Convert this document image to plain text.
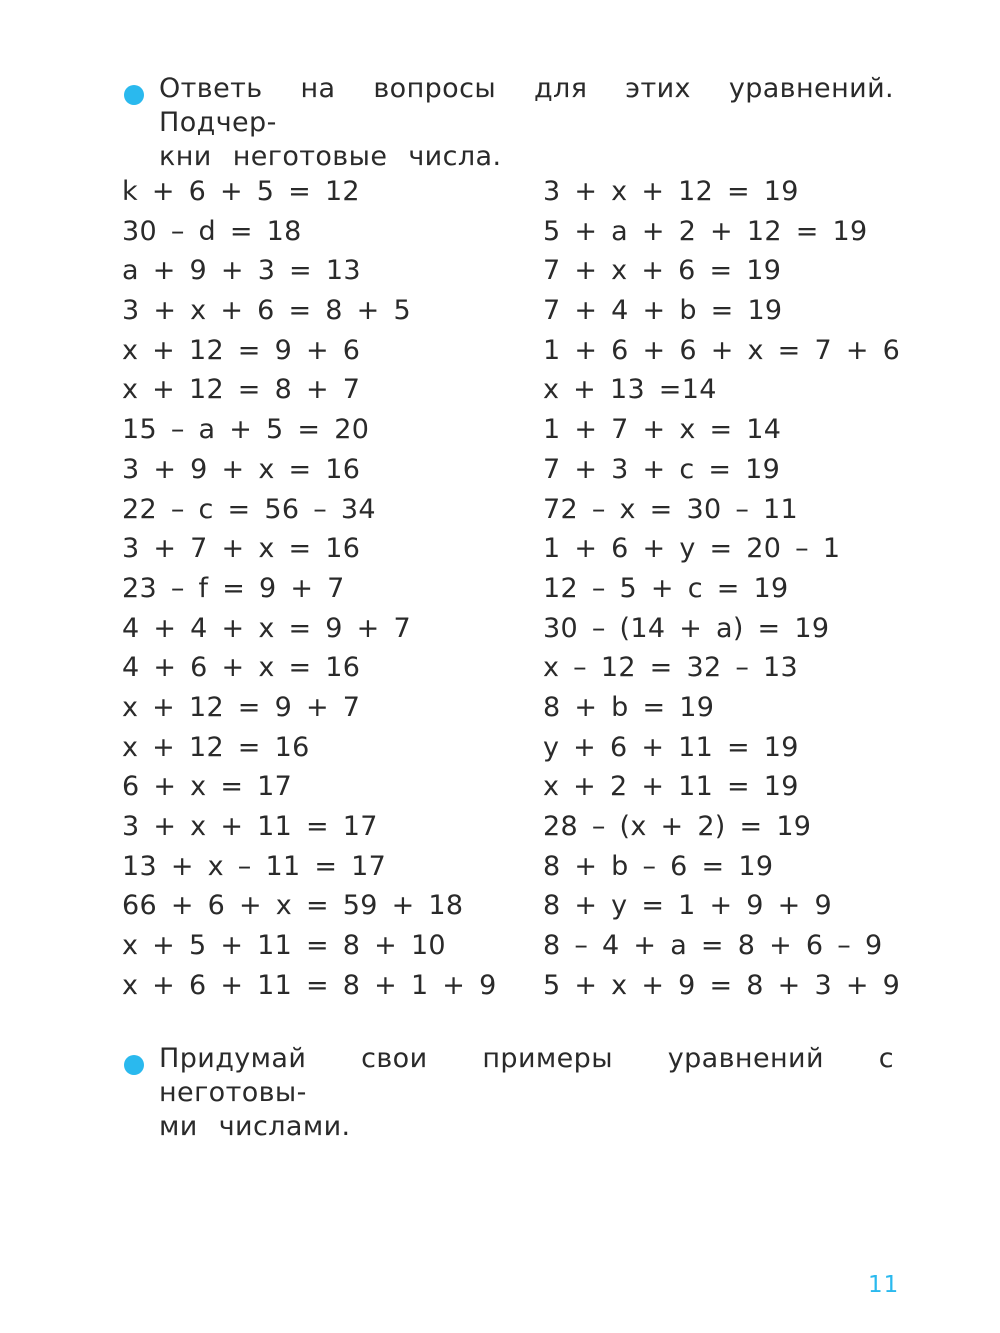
Ответь на вопросы для этих уравнений. Подчер-
кни неготовые числа.
k + 6 + 5 = 12
30 – d = 18
a + 9 + 3 = 13
3 + x + 6 = 8 + 5
x + 12 = 9 + 6
x + 12 = 8 + 7
15 – a + 5 = 20
3 + 9 + x = 16
22 – c = 56 – 34
3 + 7 + x = 16
23 – f = 9 + 7
4 + 4 + x = 9 + 7
4 + 6 + x = 16
x + 12 = 9 + 7
x + 12 = 16
6 + x = 17
3 + x + 11 = 17
13 + x – 11 = 17
66 + 6 + x = 59 + 18
x + 5 + 11 = 8 + 10
x + 6 + 11 = 8 + 1 + 9
3 + x + 12 = 19
5 + a + 2 + 12 = 19
7 + x + 6 = 19
7 + 4 + b = 19
1 + 6 + 6 + x = 7 + 6
x + 13 =14
1 + 7 + x = 14
7 + 3 + c = 19
72 – x = 30 – 11
1 + 6 + y = 20 – 1
12 – 5 + c = 19
30 – (14 + a) = 19
x – 12 = 32 – 13
8 + b = 19
y + 6 + 11 = 19
x + 2 + 11 = 19
28 – (x + 2) = 19
8 + b – 6 = 19
8 + y = 1 + 9 + 9
8 – 4 + a = 8 + 6 – 9
5 + x + 9 = 8 + 3 + 9
Придумай свои примеры уравнений с неготовы-
ми числами.
11
